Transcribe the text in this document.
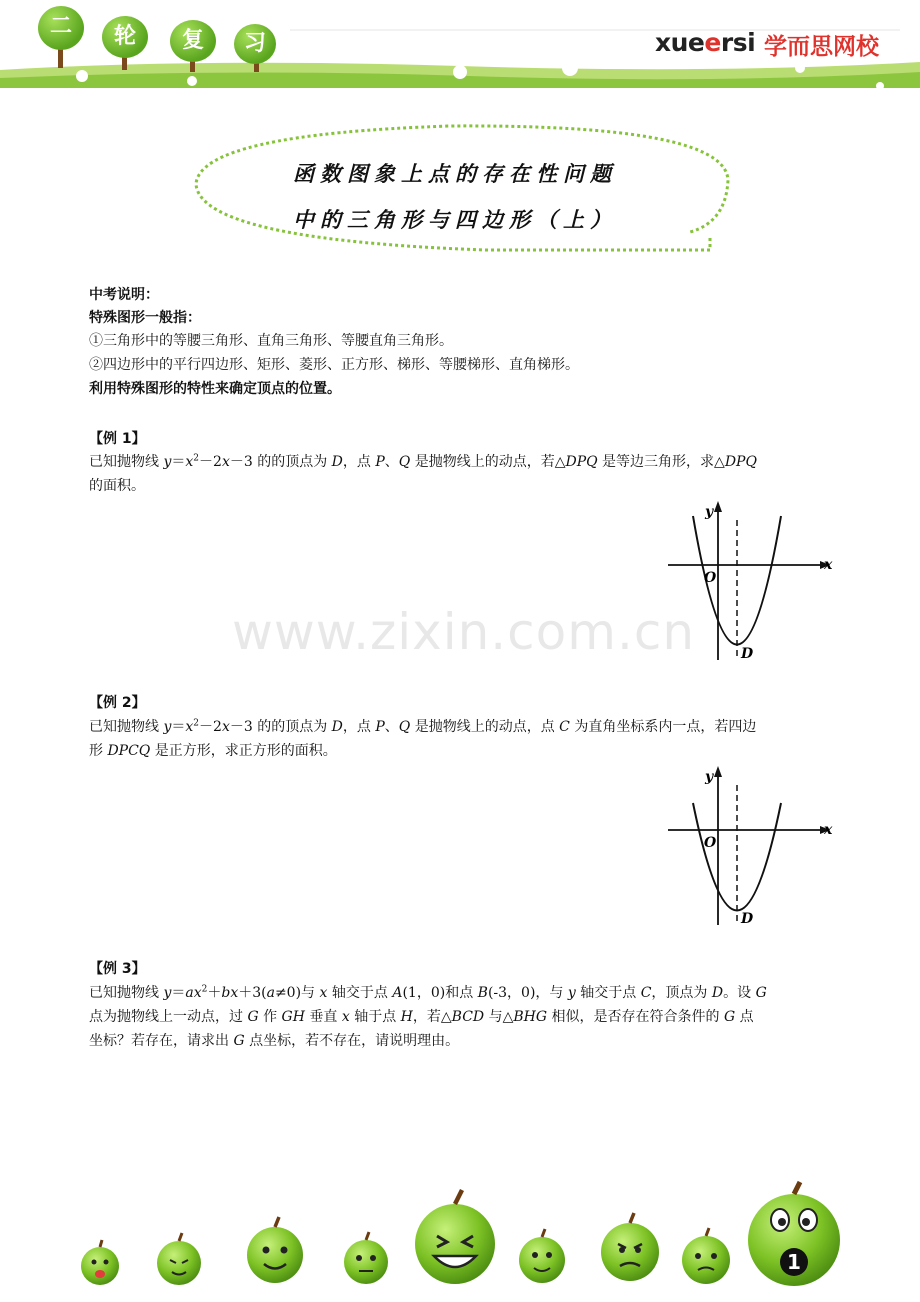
二	轮	复	习	xueersi 学而思网校
函数图象上点的存在性问题
中的三角形与四边形（上）
中考说明：
特殊图形一般指：
①三角形中的等腰三角形、直角三角形、等腰直角三角形。
②四边形中的平行四边形、矩形、菱形、正方形、梯形、等腰梯形、直角梯形。
利用特殊图形的特性来确定顶点的位置。
【例 1】
已知抛物线 $y=x^2-2x-3$ 的的顶点为 D，点 P、Q 是抛物线上的动点，若△DPQ 是等边三角形，求△DPQ
的面积。
x
y
O
D
www.zixin.com.cn
【例 2】
已知抛物线 $y=x^2-2x-3$ 的的顶点为 D，点 P、Q 是抛物线上的动点，点 C 为直角坐标系内一点，若四边
形 DPCQ 是正方形，求正方形的面积。
x
y
O
D
【例 3】
已知抛物线 $y=ax^2+bx+3(a\ne 0)$与 x 轴交于点 A(1，0)和点 B(-3，0)，与 y 轴交于点 C，顶点为 D。设 G
点为抛物线上一动点，过 G 作 GH 垂直 x 轴于点 H，若△BCD 与△BHG 相似，是否存在符合条件的 G 点
坐标？若存在，请求出 G 点坐标，若不存在，请说明理由。
1
